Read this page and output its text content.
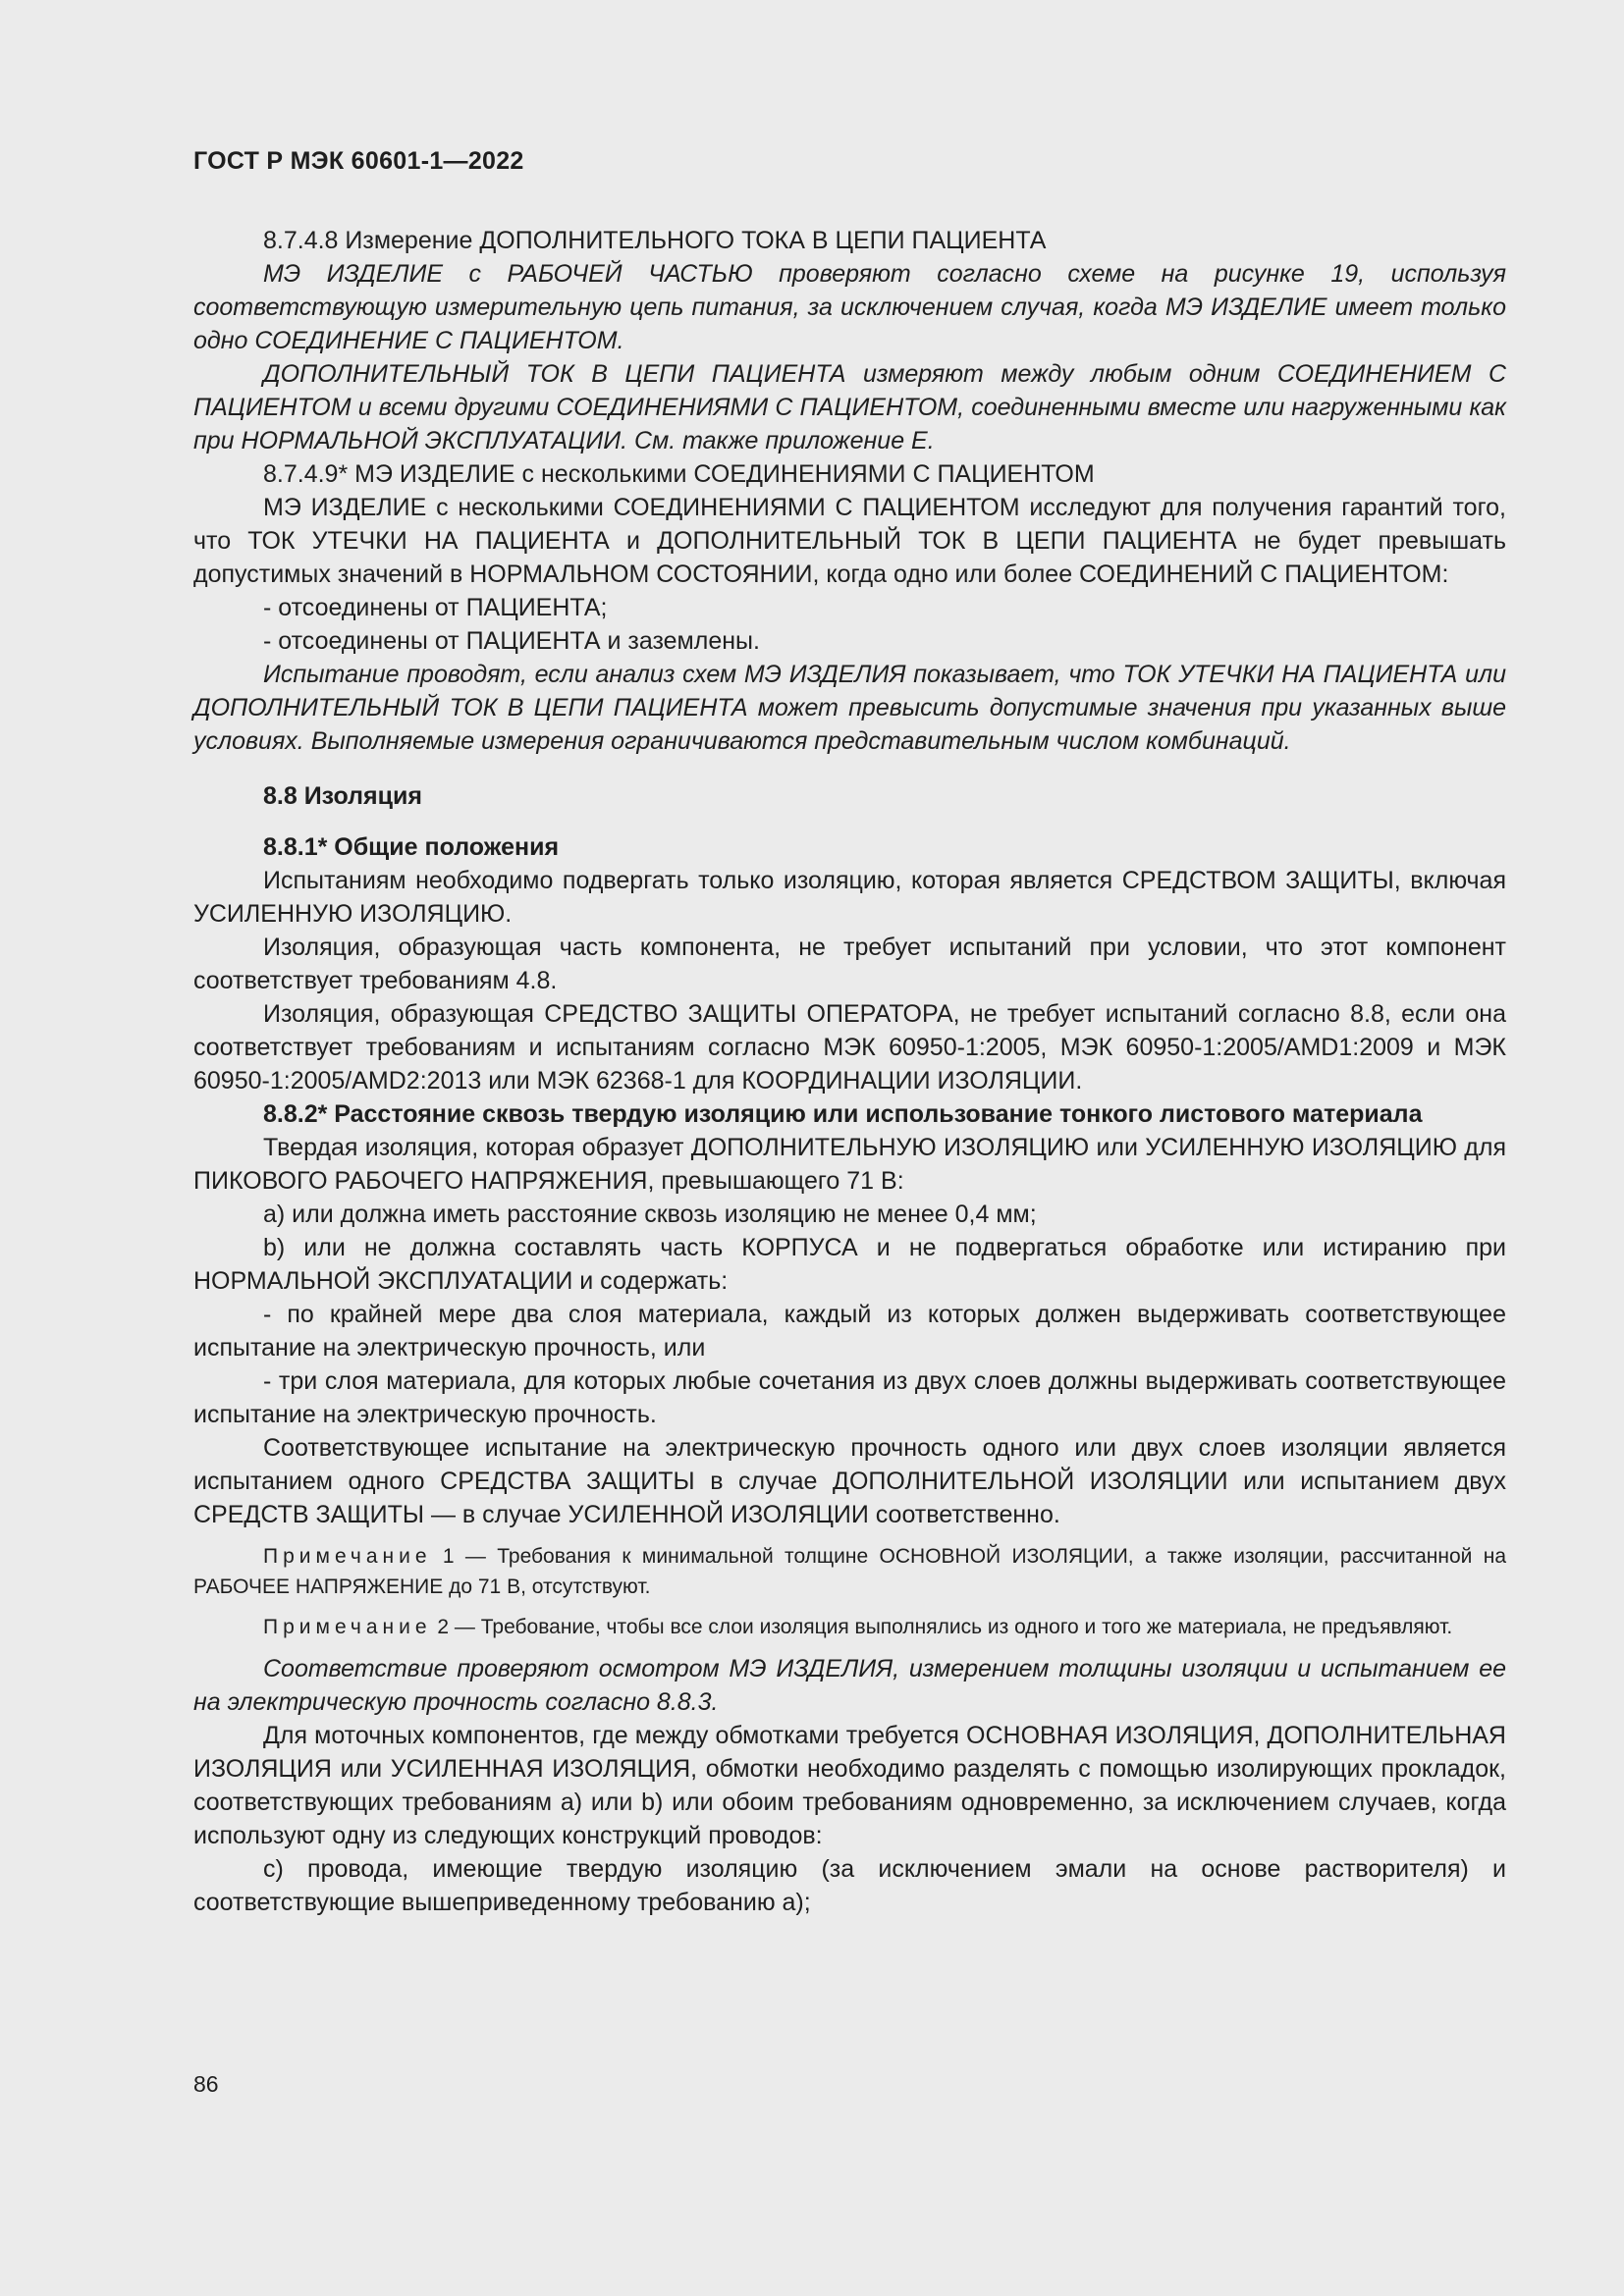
ГОСТ Р МЭК 60601-1—2022

8.7.4.8 Измерение ДОПОЛНИТЕЛЬНОГО ТОКА В ЦЕПИ ПАЦИЕНТА

МЭ ИЗДЕЛИЕ с РАБОЧЕЙ ЧАСТЬЮ проверяют согласно схеме на рисунке 19, используя соответствующую измерительную цепь питания, за исключением случая, когда МЭ ИЗДЕЛИЕ имеет только одно СОЕДИНЕНИЕ С ПАЦИЕНТОМ.

ДОПОЛНИТЕЛЬНЫЙ ТОК В ЦЕПИ ПАЦИЕНТА измеряют между любым одним СОЕДИНЕНИЕМ С ПАЦИЕНТОМ и всеми другими СОЕДИНЕНИЯМИ С ПАЦИЕНТОМ, соединенными вместе или нагруженными как при НОРМАЛЬНОЙ ЭКСПЛУАТАЦИИ. См. также приложение Е.

8.7.4.9* МЭ ИЗДЕЛИЕ с несколькими СОЕДИНЕНИЯМИ С ПАЦИЕНТОМ

МЭ ИЗДЕЛИЕ с несколькими СОЕДИНЕНИЯМИ С ПАЦИЕНТОМ исследуют для получения гарантий того, что ТОК УТЕЧКИ НА ПАЦИЕНТА и ДОПОЛНИТЕЛЬНЫЙ ТОК В ЦЕПИ ПАЦИЕНТА не будет превышать допустимых значений в НОРМАЛЬНОМ СОСТОЯНИИ, когда одно или более СОЕДИНЕНИЙ С ПАЦИЕНТОМ:

- отсоединены от ПАЦИЕНТА;

- отсоединены от ПАЦИЕНТА и заземлены.

Испытание проводят, если анализ схем МЭ ИЗДЕЛИЯ показывает, что ТОК УТЕЧКИ НА ПАЦИЕНТА или ДОПОЛНИТЕЛЬНЫЙ ТОК В ЦЕПИ ПАЦИЕНТА может превысить допустимые значения при указанных выше условиях. Выполняемые измерения ограничиваются представительным числом комбинаций.

8.8 Изоляция

8.8.1* Общие положения

Испытаниям необходимо подвергать только изоляцию, которая является СРЕДСТВОМ ЗАЩИТЫ, включая УСИЛЕННУЮ ИЗОЛЯЦИЮ.

Изоляция, образующая часть компонента, не требует испытаний при условии, что этот компонент соответствует требованиям 4.8.

Изоляция, образующая СРЕДСТВО ЗАЩИТЫ ОПЕРАТОРА, не требует испытаний согласно 8.8, если она соответствует требованиям и испытаниям согласно МЭК 60950-1:2005, МЭК 60950-1:2005/AMD1:2009 и МЭК 60950-1:2005/AMD2:2013 или МЭК 62368-1 для КООРДИНАЦИИ ИЗОЛЯЦИИ.

8.8.2* Расстояние сквозь твердую изоляцию или использование тонкого листового материала

Твердая изоляция, которая образует ДОПОЛНИТЕЛЬНУЮ ИЗОЛЯЦИЮ или УСИЛЕННУЮ ИЗОЛЯЦИЮ для ПИКОВОГО РАБОЧЕГО НАПРЯЖЕНИЯ, превышающего 71 В:

a) или должна иметь расстояние сквозь изоляцию не менее 0,4 мм;

b) или не должна составлять часть КОРПУСА и не подвергаться обработке или истиранию при НОРМАЛЬНОЙ ЭКСПЛУАТАЦИИ и содержать:

- по крайней мере два слоя материала, каждый из которых должен выдерживать соответствующее испытание на электрическую прочность, или

- три слоя материала, для которых любые сочетания из двух слоев должны выдерживать соответствующее испытание на электрическую прочность.

Соответствующее испытание на электрическую прочность одного или двух слоев изоляции является испытанием одного СРЕДСТВА ЗАЩИТЫ в случае ДОПОЛНИТЕЛЬНОЙ ИЗОЛЯЦИИ или испытанием двух СРЕДСТВ ЗАЩИТЫ — в случае УСИЛЕННОЙ ИЗОЛЯЦИИ соответственно.

Примечание 1 — Требования к минимальной толщине ОСНОВНОЙ ИЗОЛЯЦИИ, а также изоляции, рассчитанной на РАБОЧЕЕ НАПРЯЖЕНИЕ до 71 В, отсутствуют.

Примечание 2 — Требование, чтобы все слои изоляция выполнялись из одного и того же материала, не предъявляют.

Соответствие проверяют осмотром МЭ ИЗДЕЛИЯ, измерением толщины изоляции и испытанием ее на электрическую прочность согласно 8.8.3.

Для моточных компонентов, где между обмотками требуется ОСНОВНАЯ ИЗОЛЯЦИЯ, ДОПОЛНИТЕЛЬНАЯ ИЗОЛЯЦИЯ или УСИЛЕННАЯ ИЗОЛЯЦИЯ, обмотки необходимо разделять с помощью изолирующих прокладок, соответствующих требованиям a) или b) или обоим требованиям одновременно, за исключением случаев, когда используют одну из следующих конструкций проводов:

c) провода, имеющие твердую изоляцию (за исключением эмали на основе растворителя) и соответствующие вышеприведенному требованию a);

86
